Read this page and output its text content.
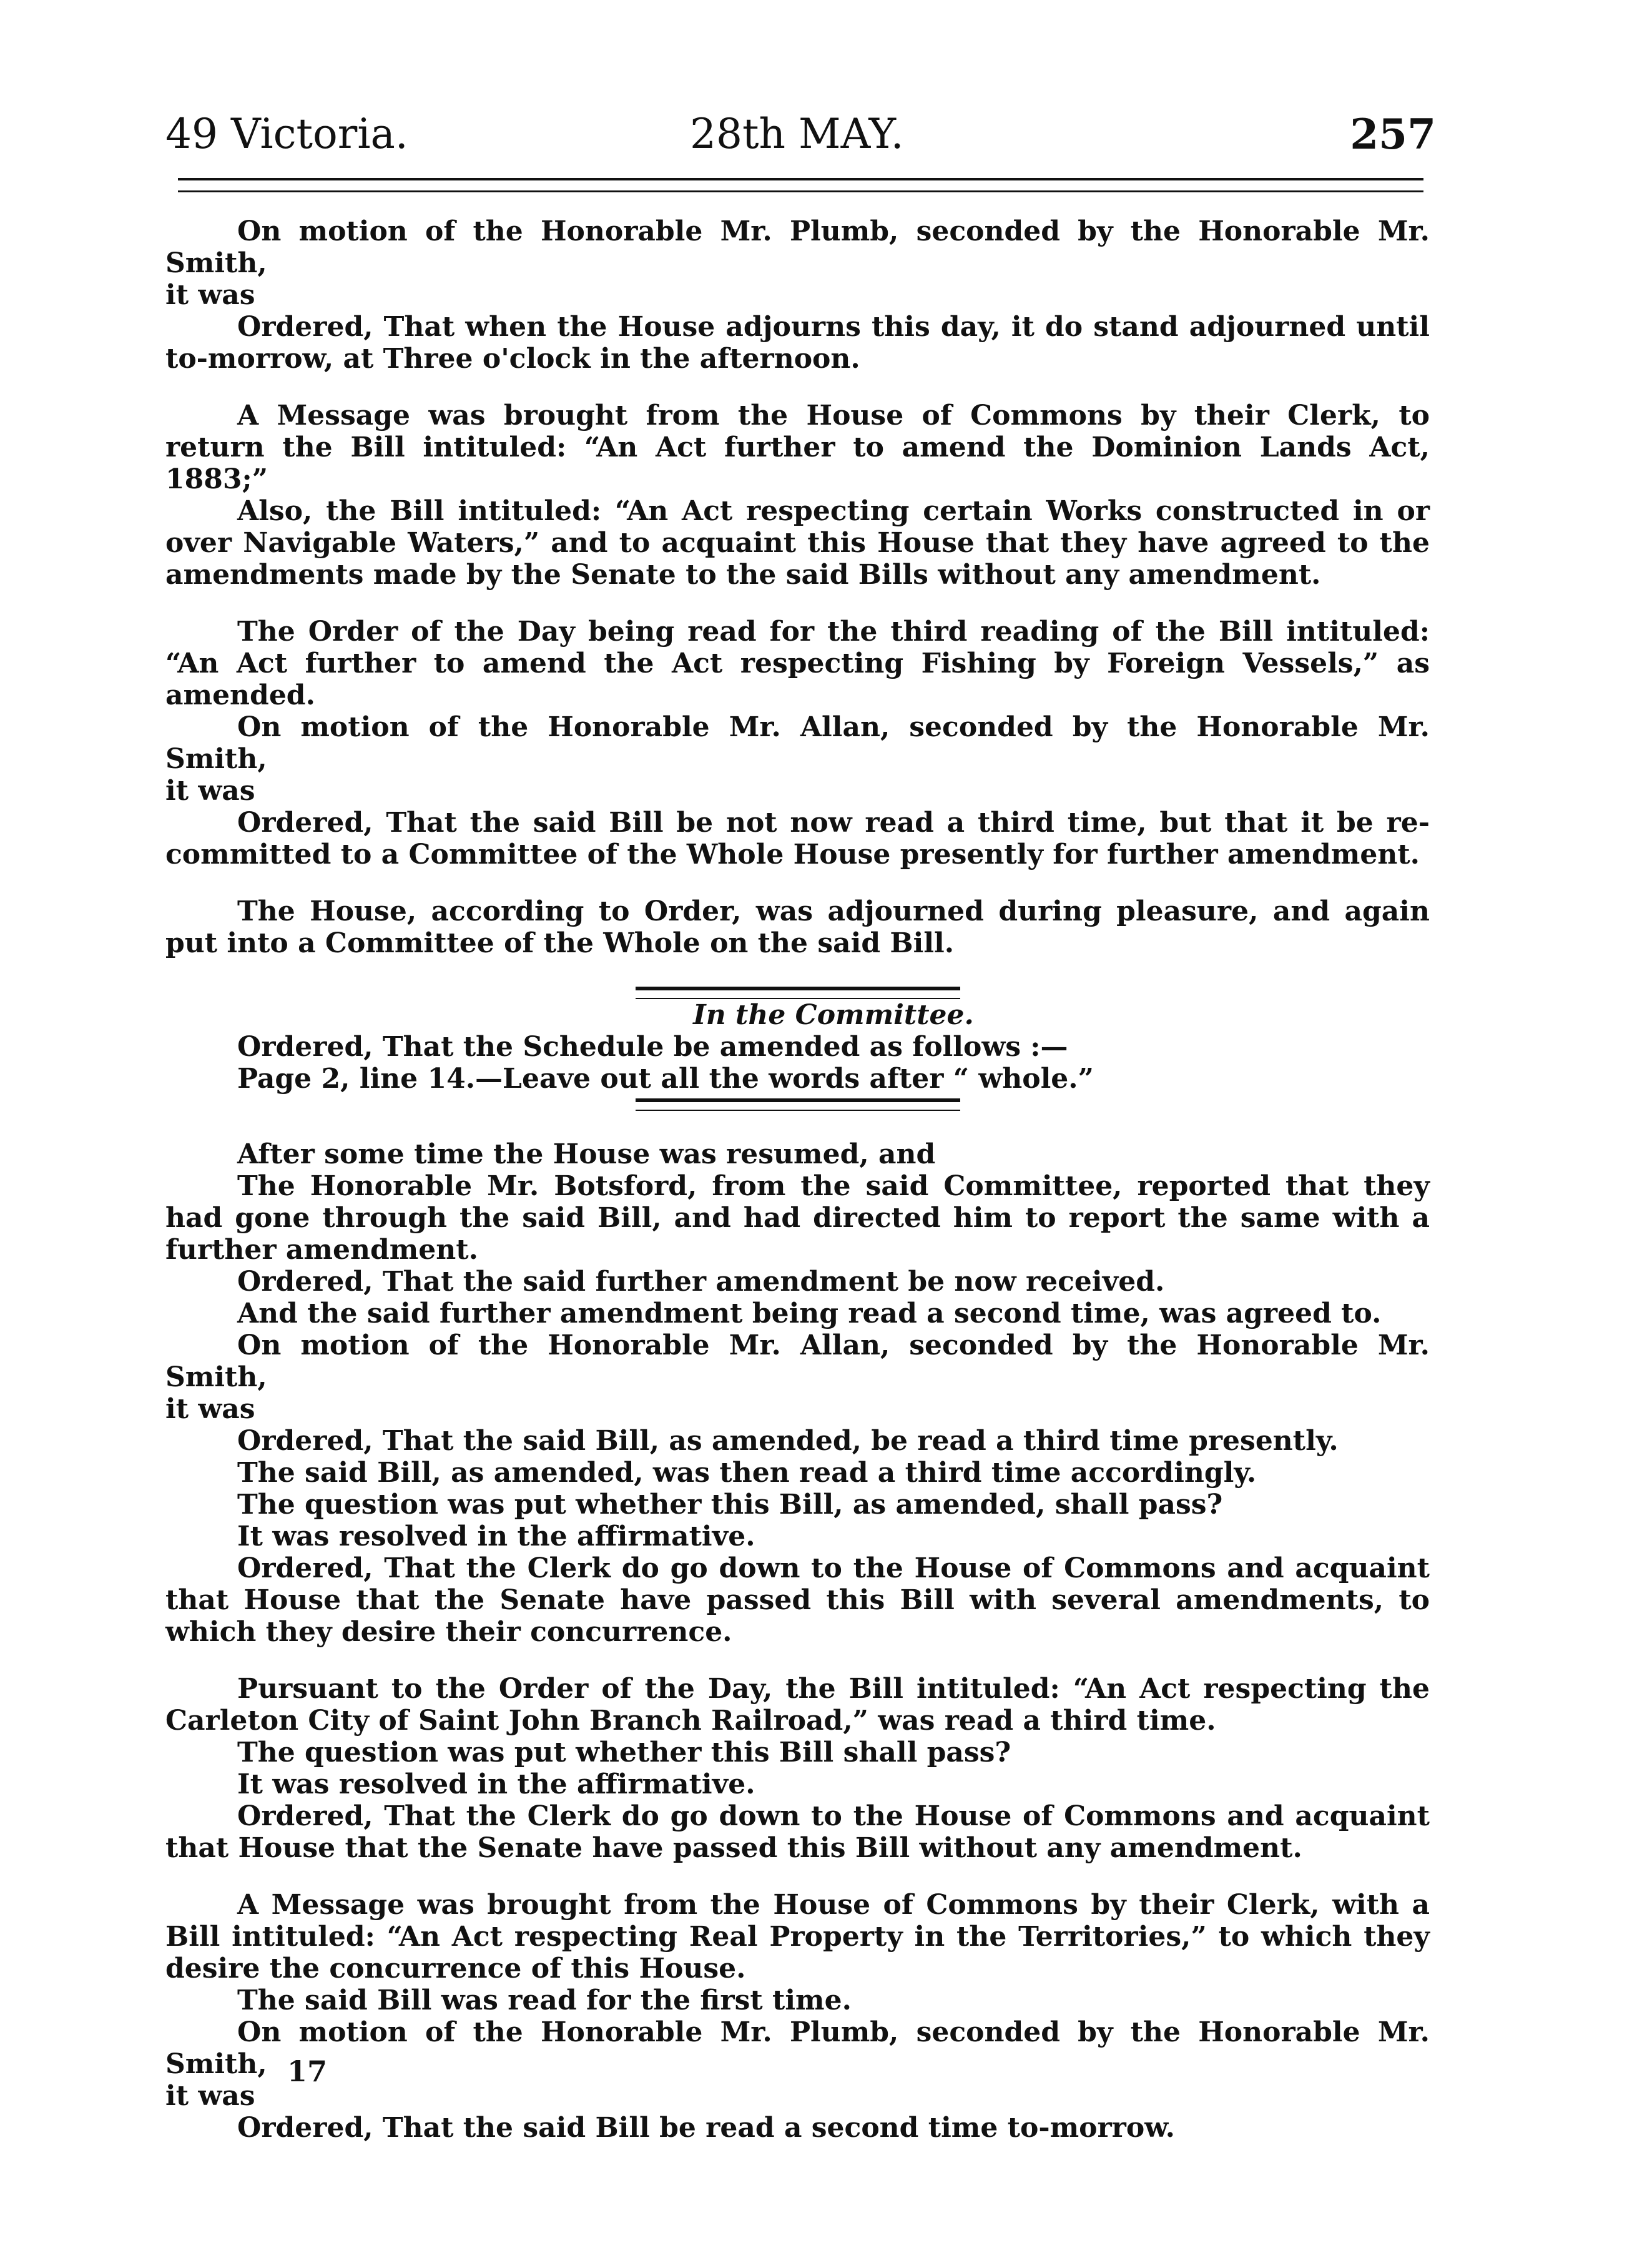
49 Victoria.	28th MAY.	257

On motion of the Honorable Mr. Plumb, seconded by the Honorable Mr. Smith,

it was

Ordered, That when the House adjourns this day, it do stand adjourned until to-morrow, at Three o'clock in the afternoon.

A Message was brought from the House of Commons by their Clerk, to return the Bill intituled: “An Act further to amend the Dominion Lands Act, 1883;”

Also, the Bill intituled: “An Act respecting certain Works constructed in or over Navigable Waters,” and to acquaint this House that they have agreed to the amendments made by the Senate to the said Bills without any amendment.

The Order of the Day being read for the third reading of the Bill intituled: “An Act further to amend the Act respecting Fishing by Foreign Vessels,” as amended.

On motion of the Honorable Mr. Allan, seconded by the Honorable Mr. Smith,

it was

Ordered, That the said Bill be not now read a third time, but that it be re-committed to a Committee of the Whole House presently for further amendment.

The House, according to Order, was adjourned during pleasure, and again put into a Committee of the Whole on the said Bill.

In the Committee.

Ordered, That the Schedule be amended as follows :—

Page 2, line 14.—Leave out all the words after “ whole.”

After some time the House was resumed, and

The Honorable Mr. Botsford, from the said Committee, reported that they had gone through the said Bill, and had directed him to report the same with a further amendment.

Ordered, That the said further amendment be now received.

And the said further amendment being read a second time, was agreed to.

On motion of the Honorable Mr. Allan, seconded by the Honorable Mr. Smith,

it was

Ordered, That the said Bill, as amended, be read a third time presently.

The said Bill, as amended, was then read a third time accordingly.

The question was put whether this Bill, as amended, shall pass?

It was resolved in the affirmative.

Ordered, That the Clerk do go down to the House of Commons and acquaint that House that the Senate have passed this Bill with several amendments, to which they desire their concurrence.

Pursuant to the Order of the Day, the Bill intituled: “An Act respecting the Carleton City of Saint John Branch Railroad,” was read a third time.

The question was put whether this Bill shall pass?

It was resolved in the affirmative.

Ordered, That the Clerk do go down to the House of Commons and acquaint that House that the Senate have passed this Bill without any amendment.

A Message was brought from the House of Commons by their Clerk, with a Bill intituled: “An Act respecting Real Property in the Territories,” to which they desire the concurrence of this House.

The said Bill was read for the first time.

On motion of the Honorable Mr. Plumb, seconded by the Honorable Mr. Smith,

it was

Ordered, That the said Bill be read a second time to-morrow.

17
